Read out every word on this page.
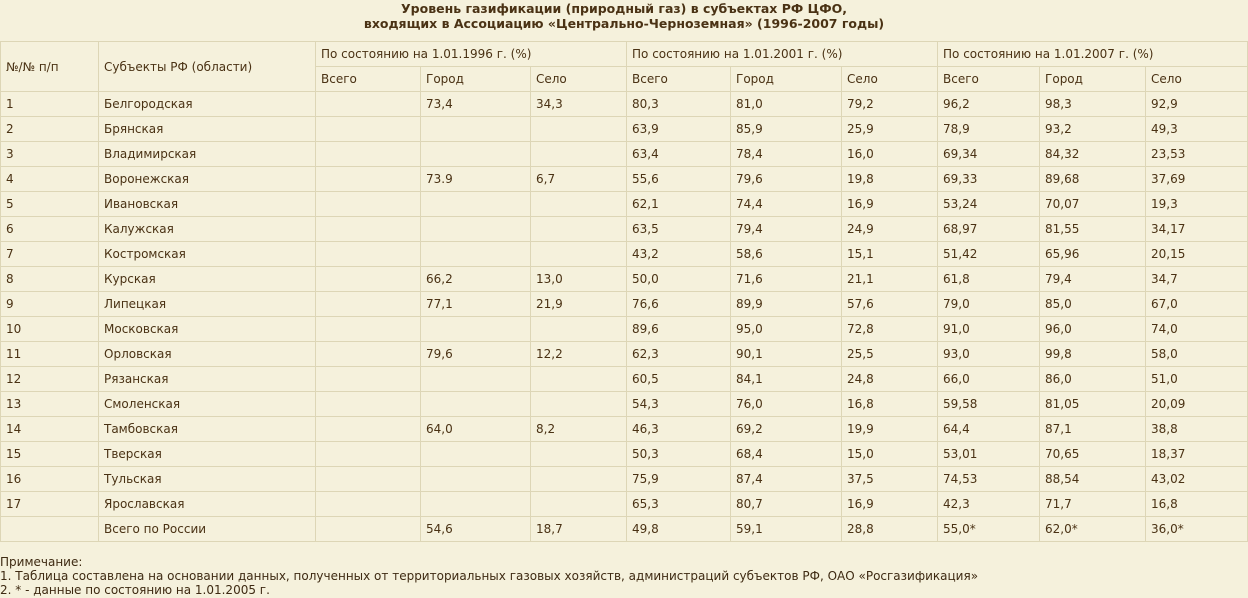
Уровень газификации (природный газ) в субъектах РФ ЦФО,
входящих в Ассоциацию «Центрально-Черноземная» (1996-2007 годы)
№/№ п/п	Субъекты РФ (области)	По состоянию на 1.01.1996 г. (%)			По состоянию на 1.01.2001 г. (%)			По состоянию на 1.01.2007 г. (%)		
		Всего	Город	Село	Всего	Город	Село	Всего	Город	Село
1	Белгородская		73,4	34,3	80,3	81,0	79,2	96,2	98,3	92,9
2	Брянская				63,9	85,9	25,9	78,9	93,2	49,3
3	Владимирская				63,4	78,4	16,0	69,34	84,32	23,53
4	Воронежская		73.9	6,7	55,6	79,6	19,8	69,33	89,68	37,69
5	Ивановская				62,1	74,4	16,9	53,24	70,07	19,3
6	Калужская				63,5	79,4	24,9	68,97	81,55	34,17
7	Костромская				43,2	58,6	15,1	51,42	65,96	20,15
8	Курская		66,2	13,0	50,0	71,6	21,1	61,8	79,4	34,7
9	Липецкая		77,1	21,9	76,6	89,9	57,6	79,0	85,0	67,0
10	Московская				89,6	95,0	72,8	91,0	96,0	74,0
11	Орловская		79,6	12,2	62,3	90,1	25,5	93,0	99,8	58,0
12	Рязанская				60,5	84,1	24,8	66,0	86,0	51,0
13	Смоленская				54,3	76,0	16,8	59,58	81,05	20,09
14	Тамбовская		64,0	8,2	46,3	69,2	19,9	64,4	87,1	38,8
15	Тверская				50,3	68,4	15,0	53,01	70,65	18,37
16	Тульская				75,9	87,4	37,5	74,53	88,54	43,02
17	Ярославская				65,3	80,7	16,9	42,3	71,7	16,8
	Всего по России		54,6	18,7	49,8	59,1	28,8	55,0*	62,0*	36,0*
Примечание:
1. Таблица составлена на основании данных, полученных от территориальных газовых хозяйств, администраций субъектов РФ, ОАО «Росгазификация»
2. * - данные по состоянию на 1.01.2005 г.
